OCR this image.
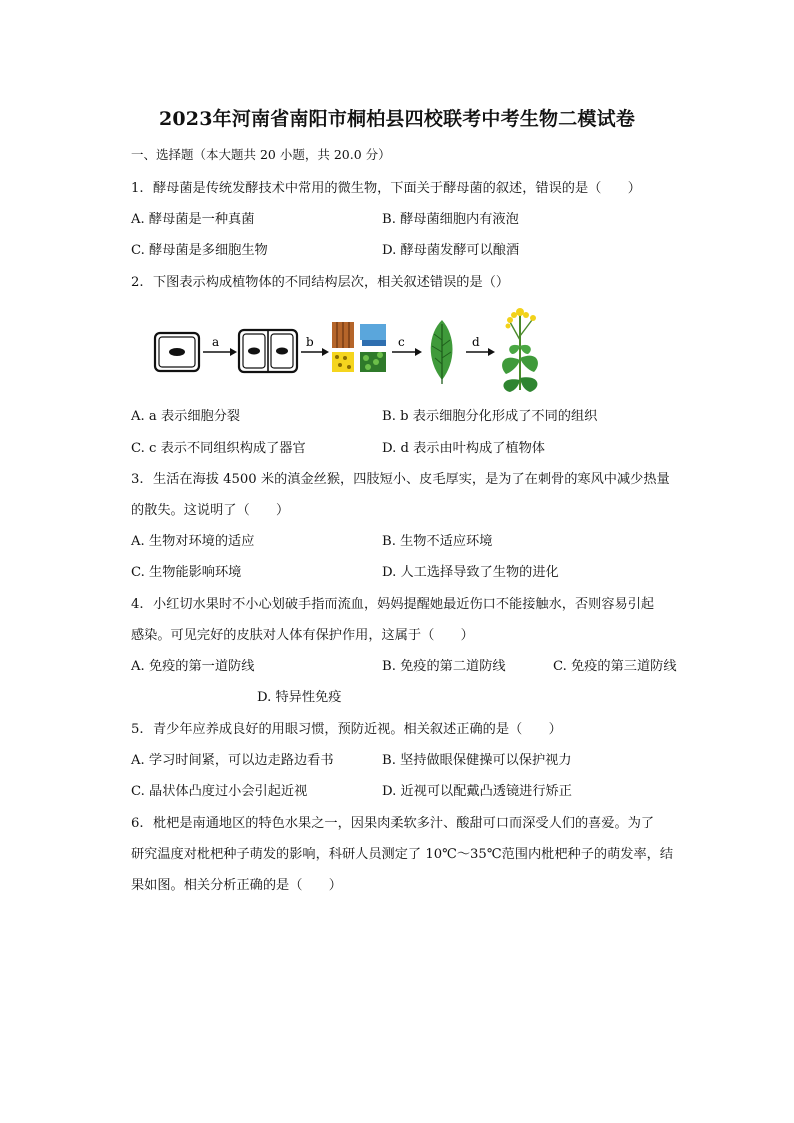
2023年河南省南阳市桐柏县四校联考中考生物二模试卷
一、选择题（本大题共 20 小题，共 20.0 分）
1. 酵母菌是传统发酵技术中常用的微生物，下面关于酵母菌的叙述，错误的是（　　）
A. 酵母菌是一种真菌	B. 酵母菌细胞内有液泡
C. 酵母菌是多细胞生物	D. 酵母菌发酵可以酿酒
2. 下图表示构成植物体的不同结构层次，相关叙述错误的是（）
a	b	c	d
A. a 表示细胞分裂	B. b 表示细胞分化形成了不同的组织
C. c 表示不同组织构成了器官	D. d 表示由叶构成了植物体
3. 生活在海拔 4500 米的滇金丝猴，四肢短小、皮毛厚实，是为了在刺骨的寒风中减少热量
的散失。这说明了（　　）
A. 生物对环境的适应	B. 生物不适应环境
C. 生物能影响环境	D. 人工选择导致了生物的进化
4. 小红切水果时不小心划破手指而流血，妈妈提醒她最近伤口不能接触水，否则容易引起
感染。可见完好的皮肤对人体有保护作用，这属于（　　）
A. 免疫的第一道防线	B. 免疫的第二道防线	C. 免疫的第三道防线
D. 特异性免疫
5. 青少年应养成良好的用眼习惯，预防近视。相关叙述正确的是（　　）
A. 学习时间紧，可以边走路边看书	B. 坚持做眼保健操可以保护视力
C. 晶状体凸度过小会引起近视	D. 近视可以配戴凸透镜进行矫正
6. 枇杷是南通地区的特色水果之一，因果肉柔软多汁、酸甜可口而深受人们的喜爱。为了
研究温度对枇杷种子萌发的影响，科研人员测定了 10℃～35℃范围内枇杷种子的萌发率，结
果如图。相关分析正确的是（　　）
